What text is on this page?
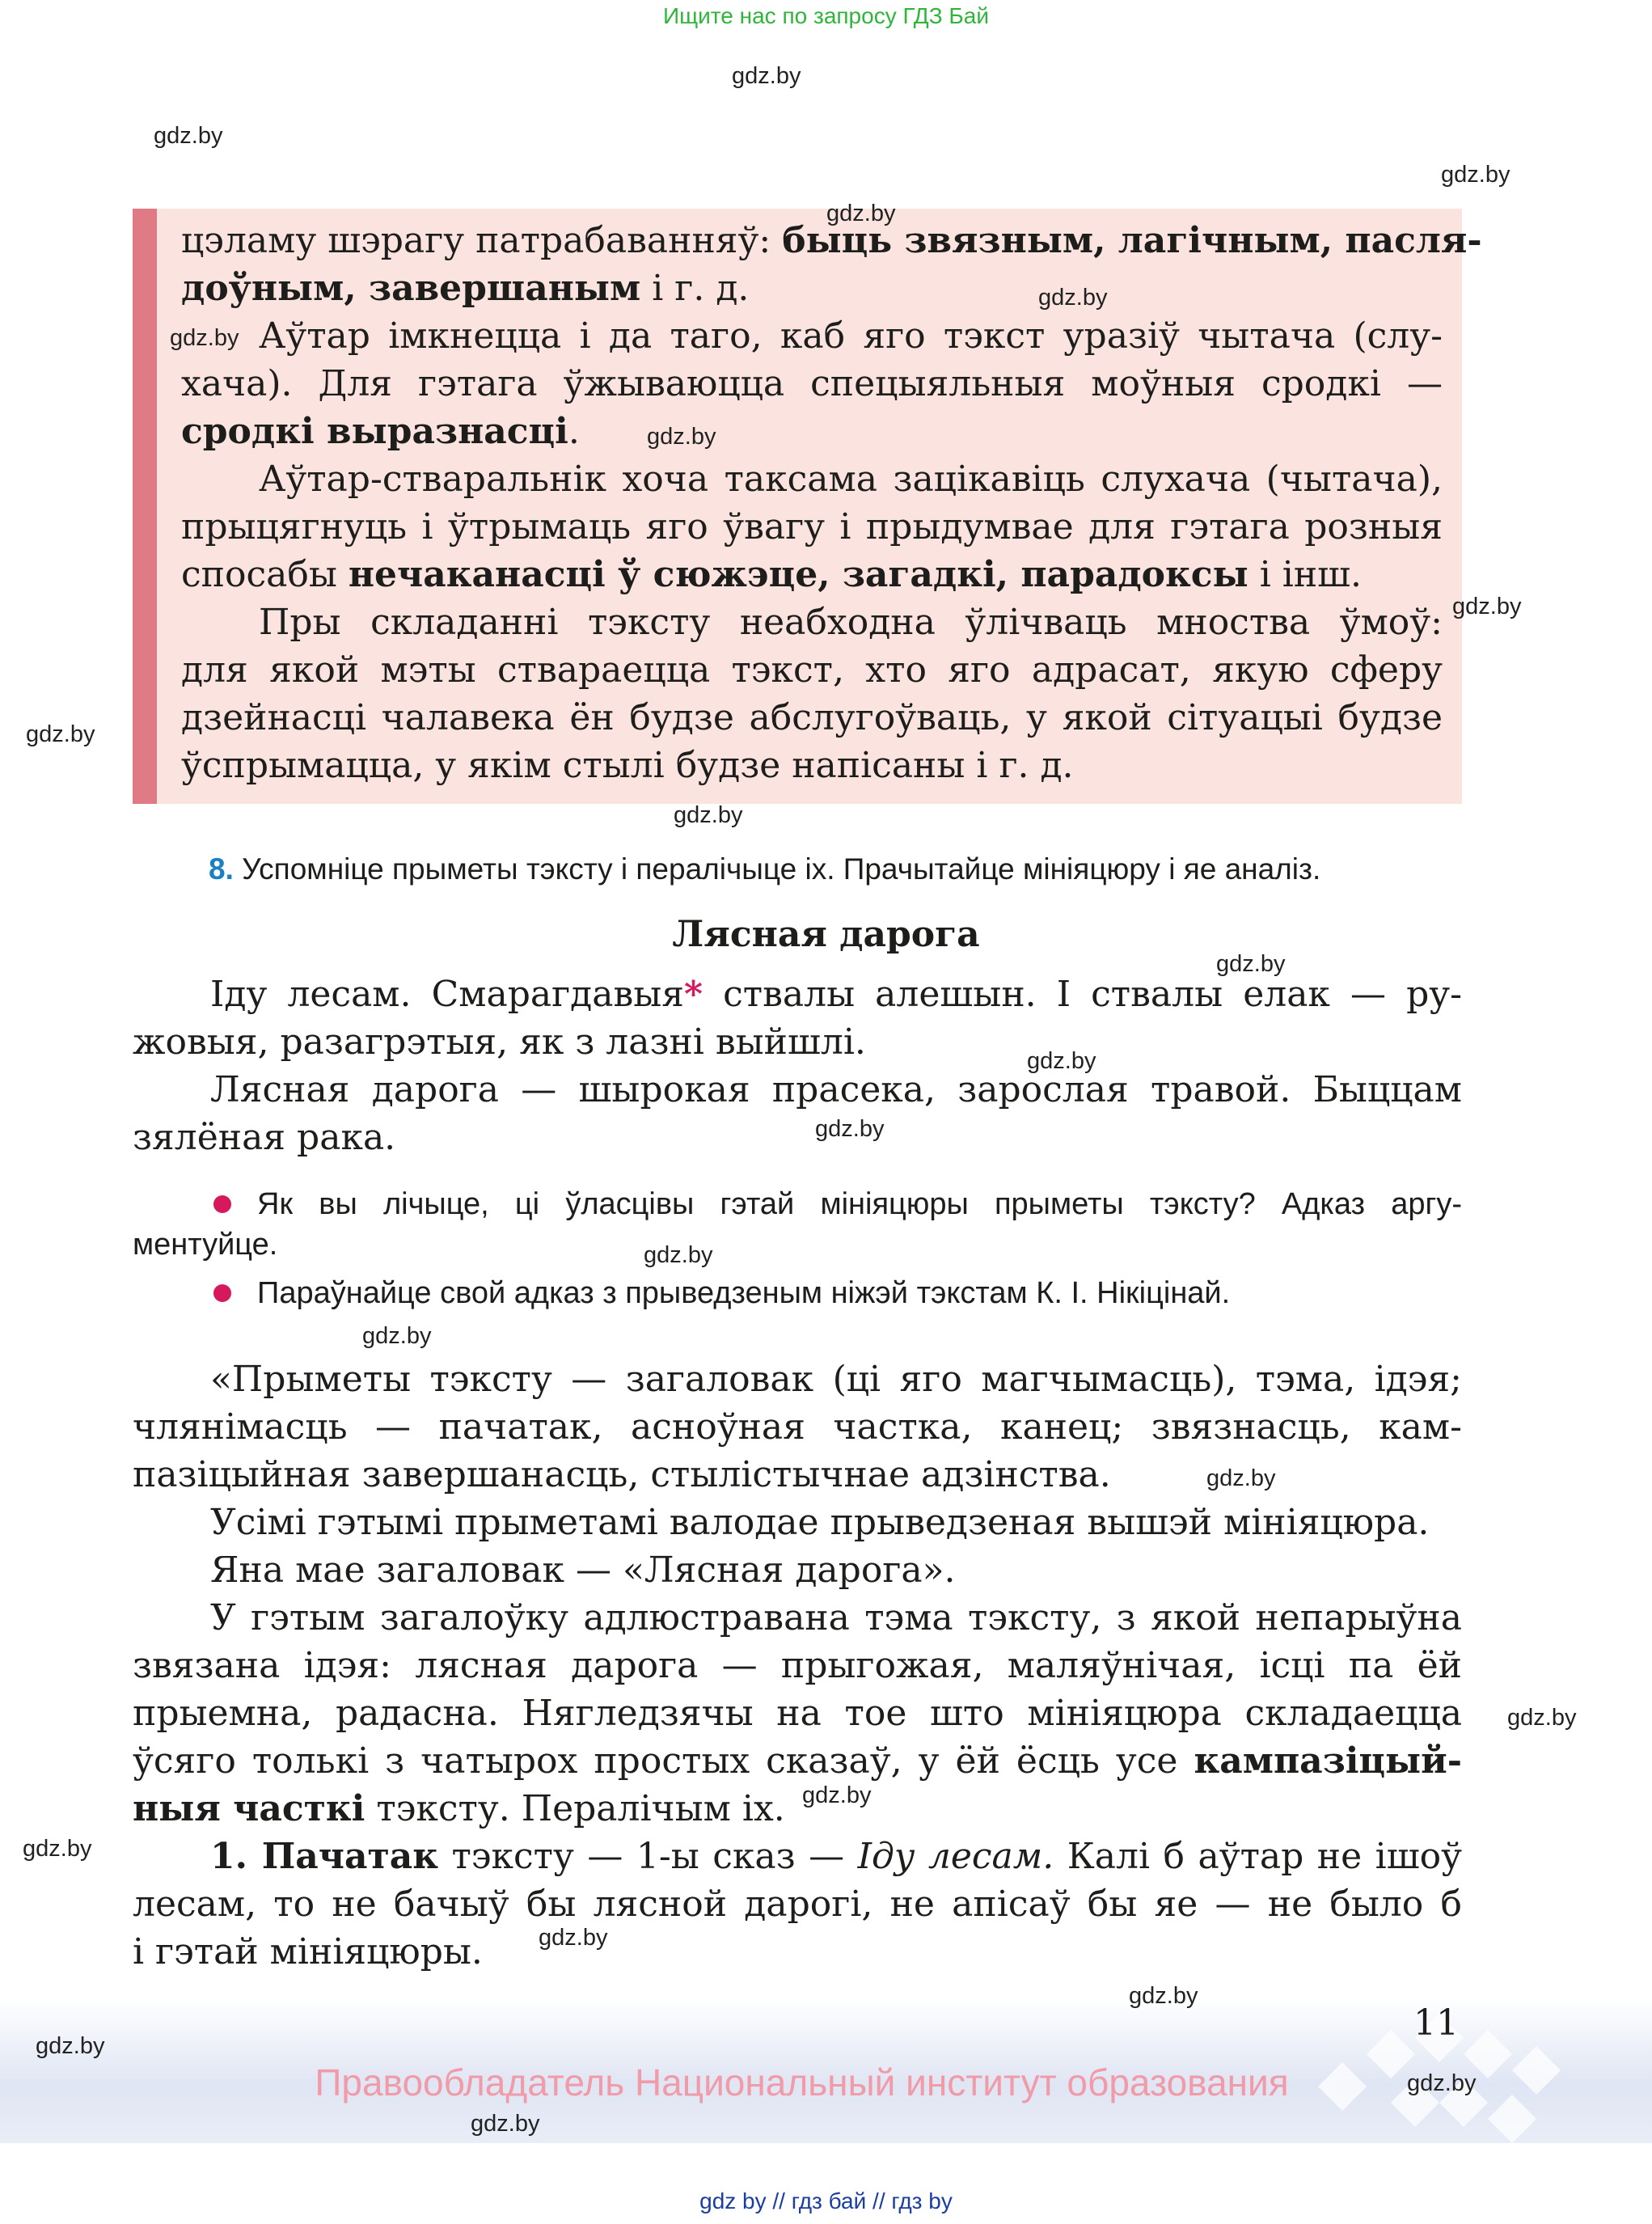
Ищите нас по запросу ГДЗ Бай
цэламу шэрагу патрабаванняў: быць звязным, лагічным, пасля-
доўным, завершаным і г. д.
Аўтар імкнецца і да таго, каб яго тэкст уразіў чытача (слу-
хача). Для гэтага ўжываюцца спецыяльныя моўныя сродкі —
сродкі выразнасці.
Аўтар-ствaральнік хоча таксама зацікавіць слухача (чытача),
прыцягнуць і ўтрымаць яго ўвагу і прыдумвае для гэтага розныя
спосабы нечаканасці ў сюжэце, загадкі, парадоксы і інш.
Пры складанні тэксту неабходна ўлічваць мноства ўмоў:
для якой мэты ствараецца тэкст, хто яго адрасат, якую сферу
дзейнасці чалавека ён будзе абслугоўваць, у якой сітуацыі будзе
ўспрымацца, у якім стылі будзе напісаны і г. д.
8. Успомніце прыметы тэксту і пералічыце іх. Прачытайце мініяцюру і яе аналіз.
Лясная дарога
Іду лесам. Смарагдавыя* ствалы алешын. І ствалы елак — ру-
жовыя, разагрэтыя, як з лазні выйшлі.
Лясная дарога — шырокая прасека, зарослая травой. Быццам
зялёная рака.
Як вы лічыце, ці ўласцівы гэтай мініяцюры прыметы тэксту? Адказ аргу-
ментуйце.
Параўнайце свой адказ з прыведзеным ніжэй тэкстам К. І. Нікіцінай.
«Прыметы тэксту — загаловак (ці яго магчымасць), тэма, ідэя;
члянімасць — пачатак, асноўная частка, канец; звязнасць, кам-
пазіцыйная завершанасць, стылістычнае адзінства.
Усімі гэтымі прыметамі валодае прыведзеная вышэй мініяцюра.
Яна мае загаловак — «Лясная дарога».
У гэтым загалоўку адлюстравана тэма тэксту, з якой непарыўна
звязана ідэя: лясная дарога — прыгожая, маляўнічая, ісці па ёй
прыемна, радасна. Нягледзячы на тое што мініяцюра складаецца
ўсяго толькі з чатырох простых сказаў, у ёй ёсць усе кампазіцый-
ныя часткі тэксту. Пералічым іх.
1. Пачатак тэксту — 1-ы сказ — Іду лесам. Калі б аўтар не ішоў
лесам, то не бачыў бы лясной дарогі, не апісаў бы яе — не было б
і гэтай мініяцюры.
11
Правообладатель Национальный институт образования
gdz by // гдз бай // гдз by
gdz.by
gdz.by
gdz.by
gdz.by
gdz.by
gdz.by
gdz.by
gdz.by
gdz.by
gdz.by
gdz.by
gdz.by
gdz.by
gdz.by
gdz.by
gdz.by
gdz.by
gdz.by
gdz.by
gdz.by
gdz.by
gdz.by
gdz.by
gdz.by
